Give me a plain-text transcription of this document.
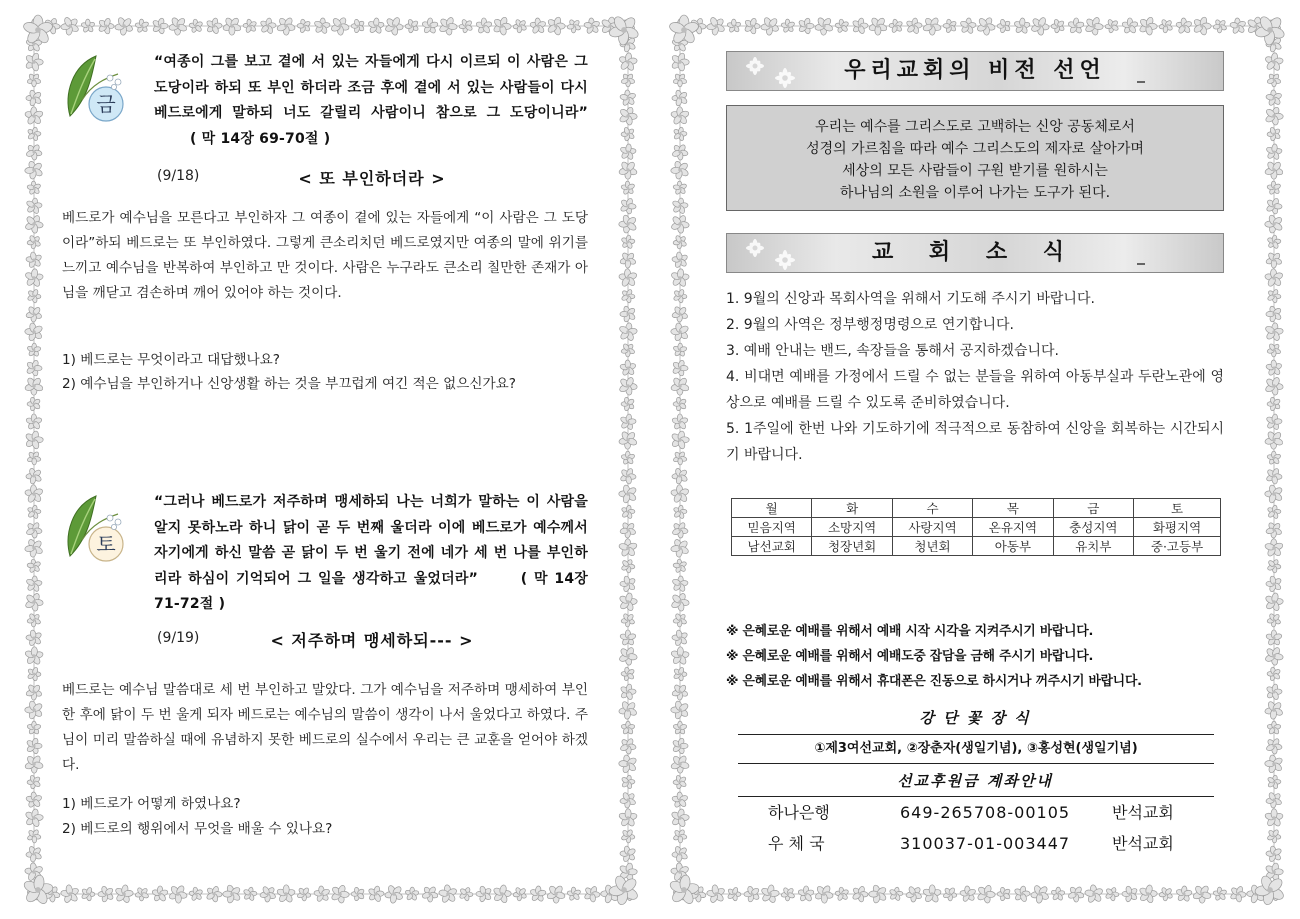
금
“여종이 그를 보고 곁에 서 있는 자들에게 다시 이르되 이 사람은 그 도당이라 하되 또 부인 하더라 조금 후에 곁에 서 있는 사람들이 다시 베드로에게 말하되 너도 갈릴리 사람이니 참으로 그 도당이니라” ( 막 14장 69-70절 )
(9/18)	< 또 부인하더라 >
베드로가 예수님을 모른다고 부인하자 그 여종이 곁에 있는 자들에게 “이 사람은 그 도당이라”하되 베드로는 또 부인하였다. 그렇게 큰소리치던 베드로였지만 여종의 말에 위기를 느끼고 예수님을 반복하여 부인하고 만 것이다. 사람은 누구라도 큰소리 칠만한 존재가 아님을 깨닫고 겸손하며 깨어 있어야 하는 것이다.
1) 베드로는 무엇이라고 대답했나요?
2) 예수님을 부인하거나 신앙생활 하는 것을 부끄럽게 여긴 적은 없으신가요?
토
“그러나 베드로가 저주하며 맹세하되 나는 너희가 말하는 이 사람을 알지 못하노라 하니 닭이 곧 두 번째 울더라 이에 베드로가 예수께서 자기에게 하신 말씀 곧 닭이 두 번 울기 전에 네가 세 번 나를 부인하리라 하심이 기억되어 그 일을 생각하고 울었더라”	( 막 14장 71-72절 )
(9/19)	< 저주하며 맹세하되--- >
베드로는 예수님 말씀대로 세 번 부인하고 말았다. 그가 예수님을 저주하며 맹세하여 부인한 후에 닭이 두 번 울게 되자 베드로는 예수님의 말씀이 생각이 나서 울었다고 하였다. 주님이 미리 말씀하실 때에 유념하지 못한 베드로의 실수에서 우리는 큰 교훈을 얻어야 하겠다.
1) 베드로가 어떻게 하였나요?
2) 베드로의 행위에서 무엇을 배울 수 있나요?
우리교회의 비전 선언
우리는 예수를 그리스도로 고백하는 신앙 공동체로서
성경의 가르침을 따라 예수 그리스도의 제자로 살아가며
세상의 모든 사람들이 구원 받기를 원하시는
하나님의 소원을 이루어 나가는 도구가 된다.
교 회 소 식
1. 9월의 신앙과 목회사역을 위해서 기도해 주시기 바랍니다.
2. 9월의 사역은 정부행정명령으로 연기합니다.
3. 예배 안내는 밴드, 속장들을 통해서 공지하겠습니다.
4. 비대면 예배를 가정에서 드릴 수 없는 분들을 위하여 아동부실과 두란노관에 영상으로 예배를 드릴 수 있도록 준비하였습니다.
5. 1주일에 한번 나와 기도하기에 적극적으로 동참하여 신앙을 회복하는 시간되시기 바랍니다.
월	화	수	목	금	토
믿음지역	소망지역	사랑지역	온유지역	충성지역	화평지역
남선교회	청장년회	청년회	아동부	유치부	중·고등부
※ 은혜로운 예배를 위해서 예배 시작 시각을 지켜주시기 바랍니다.
※ 은혜로운 예배를 위해서 예배도중 잡담을 금해 주시기 바랍니다.
※ 은혜로운 예배를 위해서 휴대폰은 진동으로 하시거나 꺼주시기 바랍니다.
강 단 꽃 장 식
①제3여선교회, ②장춘자(생일기념), ③홍성현(생일기념)
선교후원금 계좌안내
하나은행	649-265708-00105	반석교회
우 체 국	310037-01-003447	반석교회
